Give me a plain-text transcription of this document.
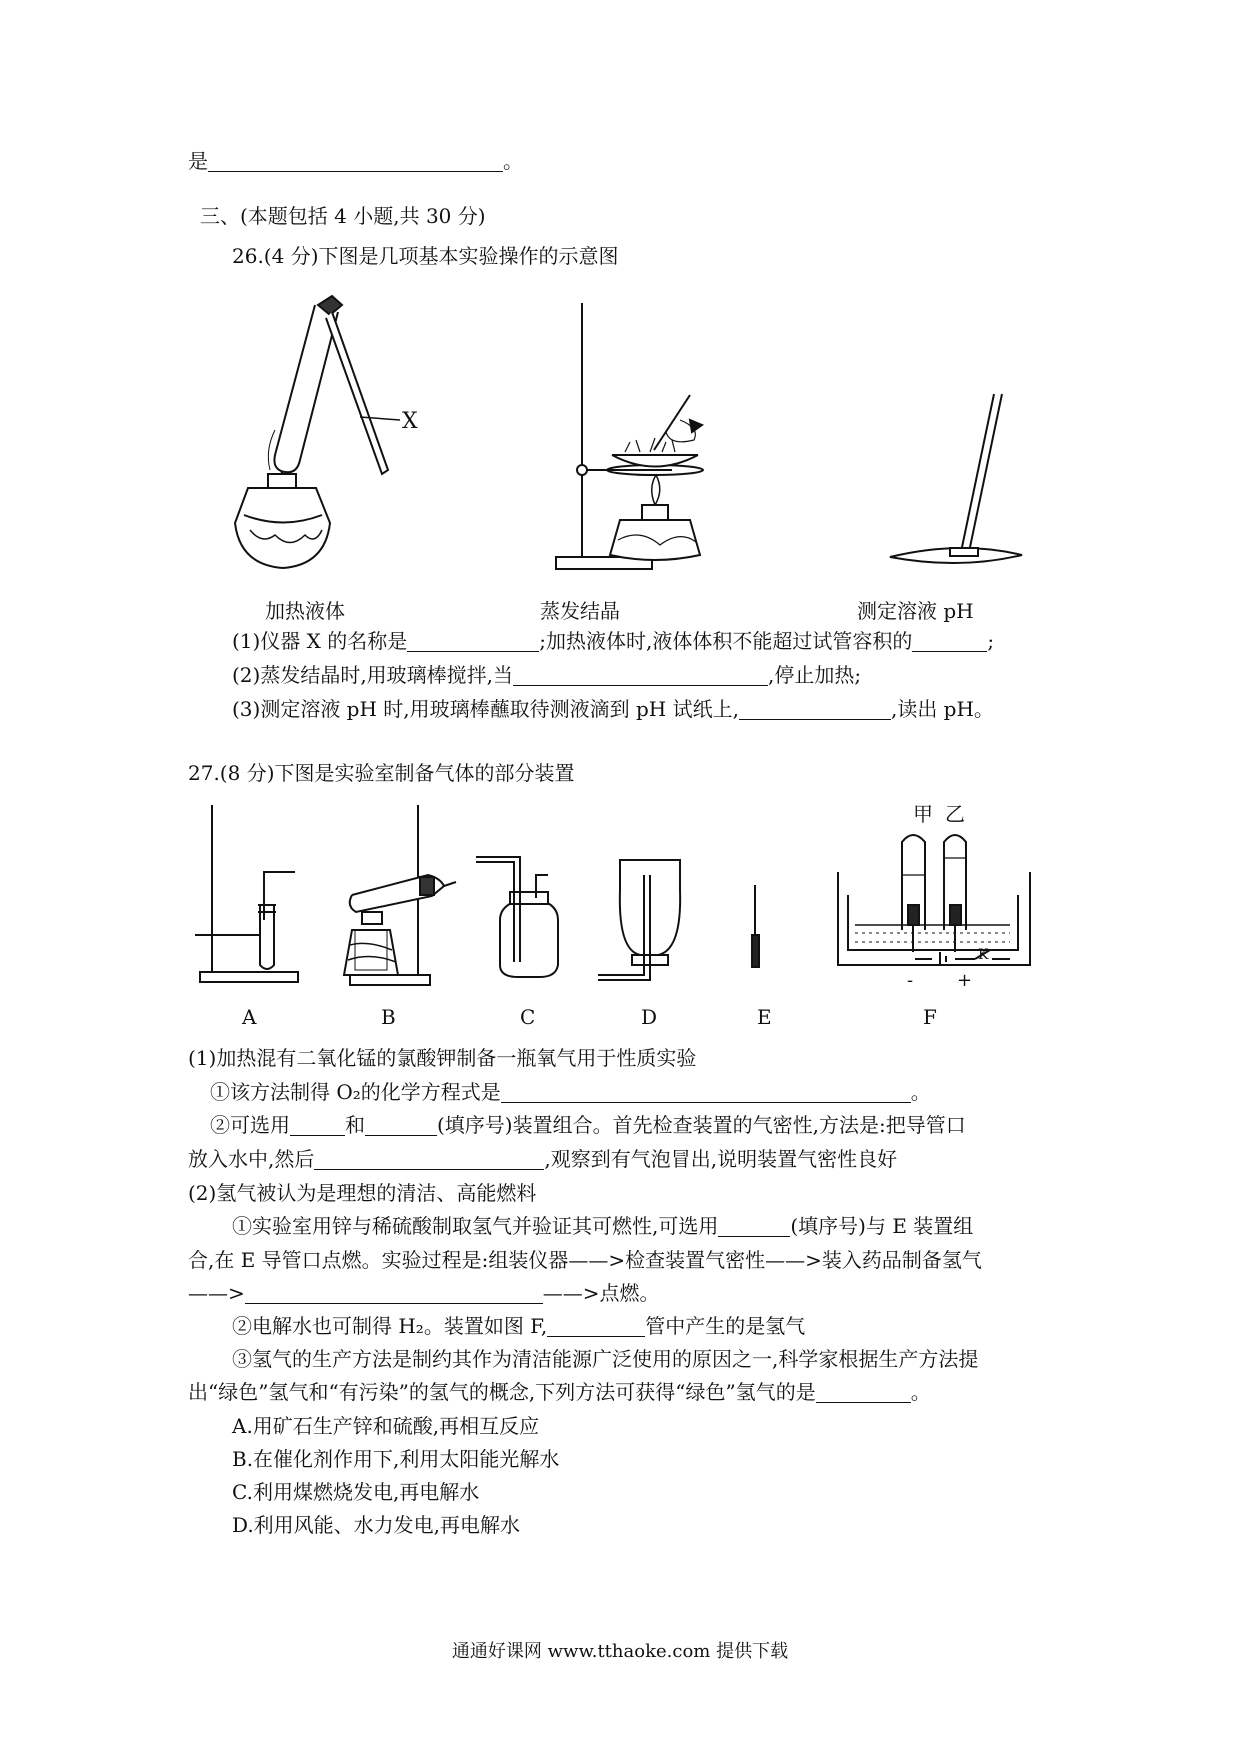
是	。
三、(本题包括 4 小题,共 30 分)
26.(4 分)下图是几项基本实验操作的示意图
X
加热液体	蒸发结晶	测定溶液 pH
(1)仪器 X 的名称是	;加热液体时,液体体积不能超过试管容积的	;
(2)蒸发结晶时,用玻璃棒搅拌,当	,停止加热;
(3)测定溶液 pH 时,用玻璃棒蘸取待测液滴到 pH 试纸上,	,读出 pH。
27.(8 分)下图是实验室制备气体的部分装置
甲 乙
K
- +
A	B	C	D	E	F
(1)加热混有二氧化锰的氯酸钾制备一瓶氧气用于性质实验
①该方法制得 O₂的化学方程式是	。
②可选用	和	(填序号)装置组合。首先检查装置的气密性,方法是:把导管口
放入水中,然后	,观察到有气泡冒出,说明装置气密性良好
(2)氢气被认为是理想的清洁、高能燃料
①实验室用锌与稀硫酸制取氢气并验证其可燃性,可选用	(填序号)与 E 装置组
合,在 E 导管口点燃。实验过程是:组装仪器——>检查装置气密性——>装入药品制备氢气
——>	——>点燃。
②电解水也可制得 H₂。装置如图 F,	管中产生的是氢气
③氢气的生产方法是制约其作为清洁能源广泛使用的原因之一,科学家根据生产方法提
出“绿色”氢气和“有污染”的氢气的概念,下列方法可获得“绿色”氢气的是	。
A.用矿石生产锌和硫酸,再相互反应
B.在催化剂作用下,利用太阳能光解水
C.利用煤燃烧发电,再电解水
D.利用风能、水力发电,再电解水
通通好课网 www.tthaoke.com 提供下载
